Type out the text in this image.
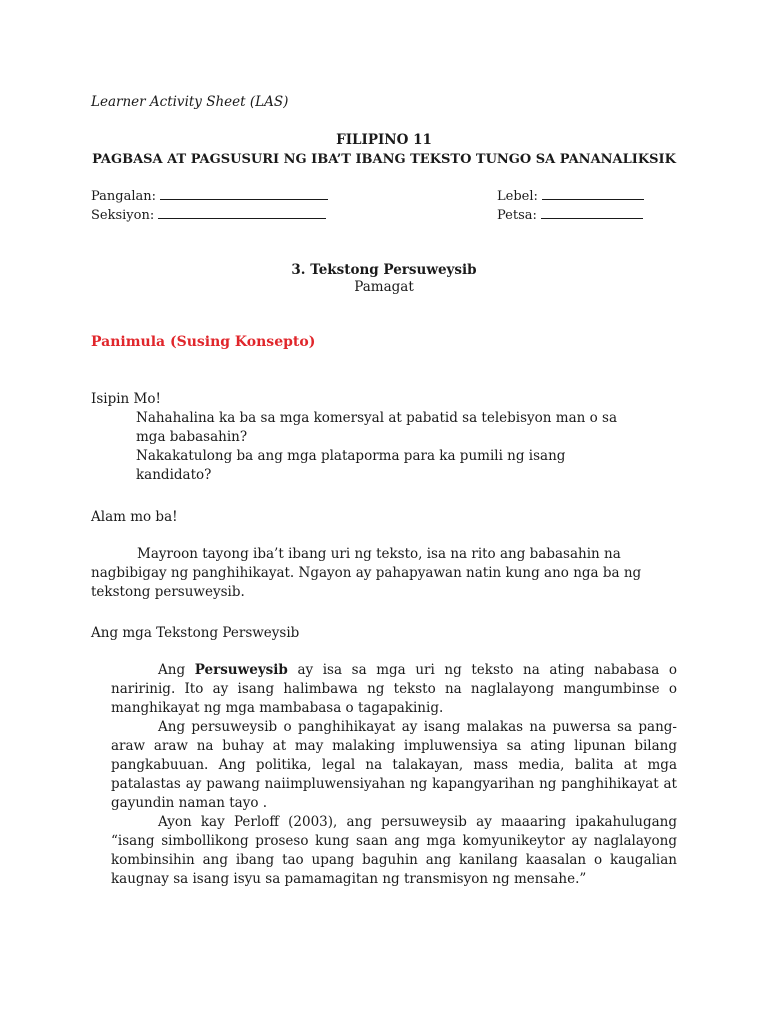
Learner Activity Sheet (LAS)
FILIPINO 11
PAGBASA AT PAGSUSURI NG IBA’T IBANG TEKSTO TUNGO SA PANANALIKSIK
Pangalan:
Seksiyon:
Lebel:
Petsa:
3. Tekstong Persuweysib
Pamagat
Panimula (Susing Konsepto)
Isipin Mo!

Nahahalina ka ba sa mga komersyal at pabatid sa telebisyon man o sa mga babasahin?

Nakakatulong ba ang mga plataporma para ka pumili ng isang kandidato?

Alam mo ba!

Mayroon tayong iba’t ibang uri ng teksto, isa na rito ang babasahin na nagbibigay ng panghihikayat. Ngayon ay pahapyawan natin kung ano nga ba ng tekstong persuweysib.

Ang mga Tekstong Persweysib

Ang Persuweysib ay isa sa mga uri ng teksto na ating nababasa o naririnig. Ito ay isang halimbawa ng teksto na naglalayong mangumbinse o manghikayat ng mga mambabasa o tagapakinig.

Ang persuweysib o panghihikayat ay isang malakas na puwersa sa pang-araw araw na buhay at may malaking impluwensiya sa ating lipunan bilang pangkabuuan. Ang politika, legal na talakayan, mass media, balita at mga patalastas ay pawang naiimpluwensiyahan ng kapangyarihan ng panghihikayat at gayundin naman tayo .

Ayon kay Perloff (2003), ang persuweysib ay maaaring ipakahulugang “isang simbollikong proseso kung saan ang mga komyunikeytor ay naglalayong kombinsihin ang ibang tao upang baguhin ang kanilang kaasalan o kaugalian kaugnay sa isang isyu sa pamamagitan ng transmisyon ng mensahe.”
